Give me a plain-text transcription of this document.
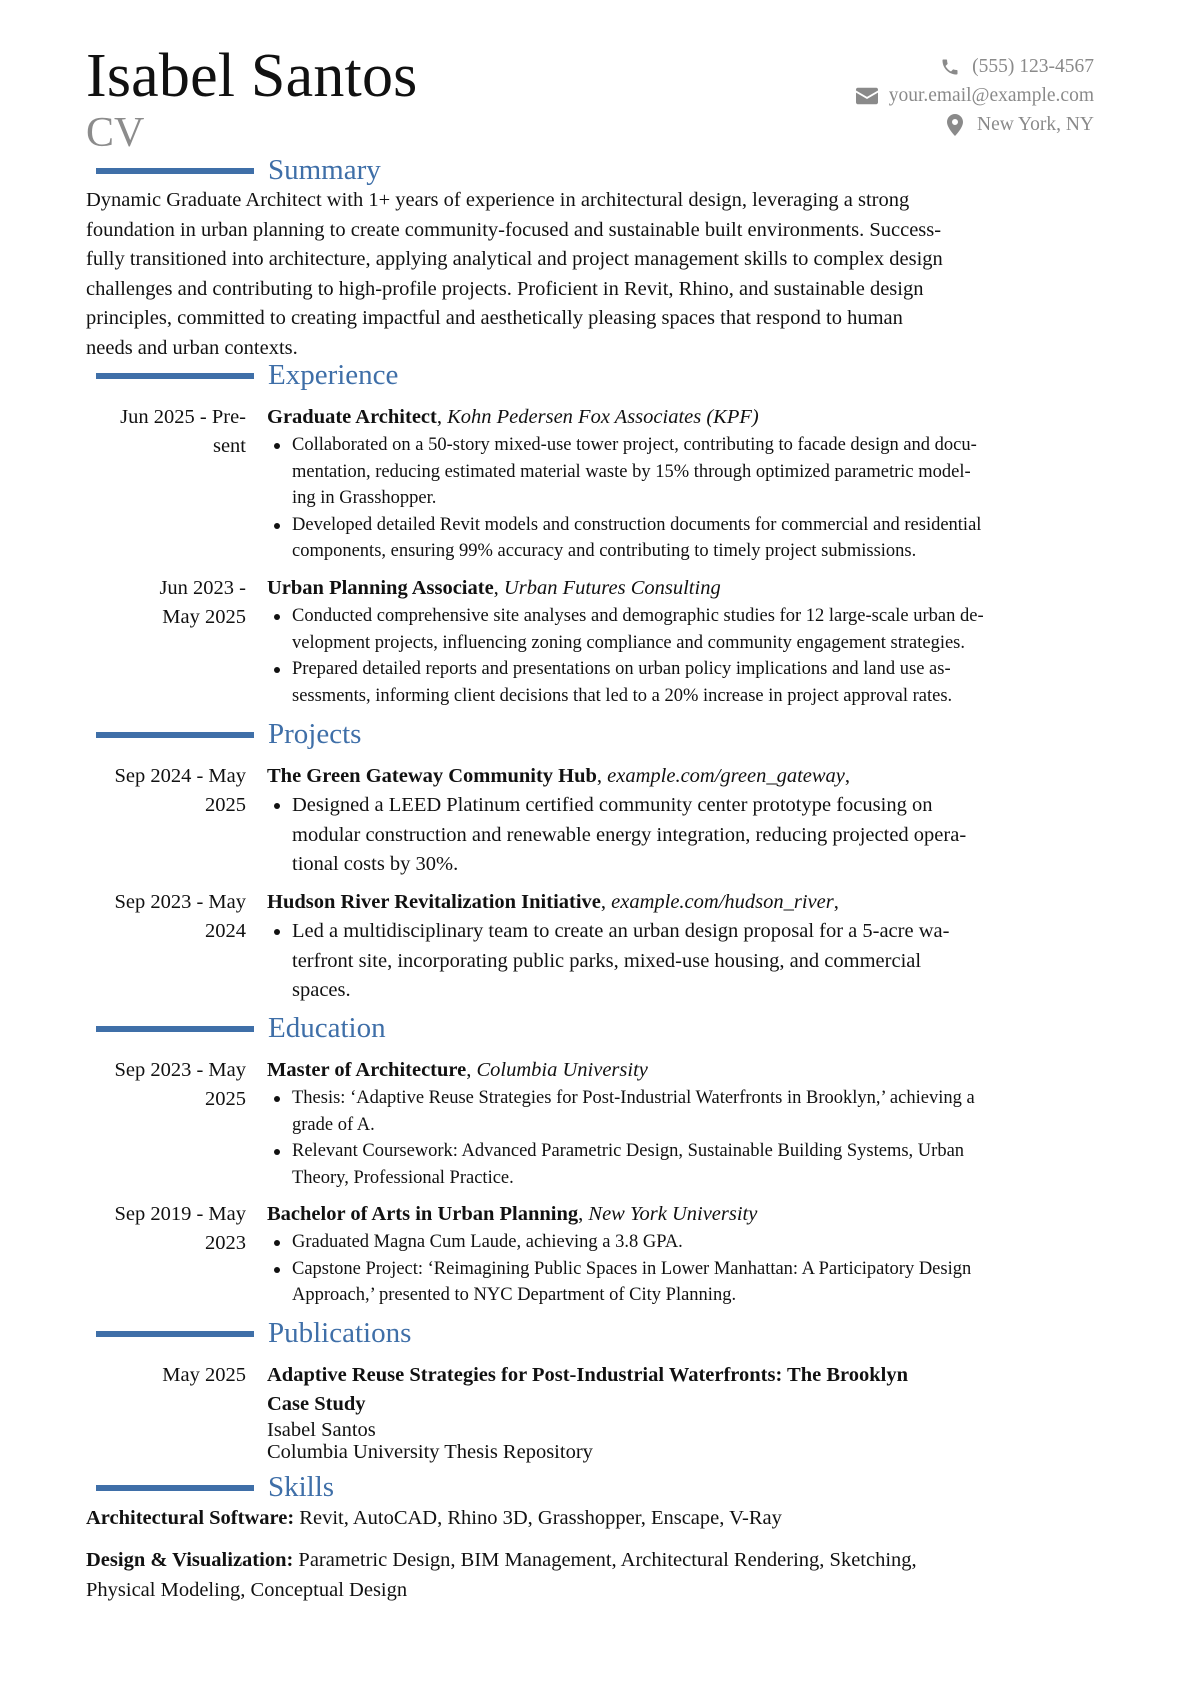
Isabel Santos
CV
(555) 123-4567
your.email@example.com
New York, NY
Summary
Dynamic Graduate Architect with 1+ years of experience in architectural design, leveraging a strong
foundation in urban planning to create community-focused and sustainable built environments. Success-
fully transitioned into architecture, applying analytical and project management skills to complex design
challenges and contributing to high-profile projects. Proficient in Revit, Rhino, and sustainable design
principles, committed to creating impactful and aesthetically pleasing spaces that respond to human
needs and urban contexts.
Experience
Jun 2025 - Pre-
sent
Graduate Architect, Kohn Pedersen Fox Associates (KPF)
Collaborated on a 50-story mixed-use tower project, contributing to facade design and docu-
mentation, reducing estimated material waste by 15% through optimized parametric model-
ing in Grasshopper.
Developed detailed Revit models and construction documents for commercial and residential
components, ensuring 99% accuracy and contributing to timely project submissions.
Jun 2023 -
May 2025
Urban Planning Associate, Urban Futures Consulting
Conducted comprehensive site analyses and demographic studies for 12 large-scale urban de-
velopment projects, influencing zoning compliance and community engagement strategies.
Prepared detailed reports and presentations on urban policy implications and land use as-
sessments, informing client decisions that led to a 20% increase in project approval rates.
Projects
Sep 2024 - May
2025
The Green Gateway Community Hub, example.com/green_gateway,
Designed a LEED Platinum certified community center prototype focusing on
modular construction and renewable energy integration, reducing projected opera-
tional costs by 30%.
Sep 2023 - May
2024
Hudson River Revitalization Initiative, example.com/hudson_river,
Led a multidisciplinary team to create an urban design proposal for a 5-acre wa-
terfront site, incorporating public parks, mixed-use housing, and commercial
spaces.
Education
Sep 2023 - May
2025
Master of Architecture, Columbia University
Thesis: ‘Adaptive Reuse Strategies for Post-Industrial Waterfronts in Brooklyn,’ achieving a
grade of A.
Relevant Coursework: Advanced Parametric Design, Sustainable Building Systems, Urban
Theory, Professional Practice.
Sep 2019 - May
2023
Bachelor of Arts in Urban Planning, New York University
Graduated Magna Cum Laude, achieving a 3.8 GPA.
Capstone Project: ‘Reimagining Public Spaces in Lower Manhattan: A Participatory Design
Approach,’ presented to NYC Department of City Planning.
Publications
May 2025 Adaptive Reuse Strategies for Post-Industrial Waterfronts: The Brooklyn
Case Study
Isabel Santos
Columbia University Thesis Repository
Skills
Architectural Software: Revit, AutoCAD, Rhino 3D, Grasshopper, Enscape, V-Ray
Design & Visualization: Parametric Design, BIM Management, Architectural Rendering, Sketching,
Physical Modeling, Conceptual Design
